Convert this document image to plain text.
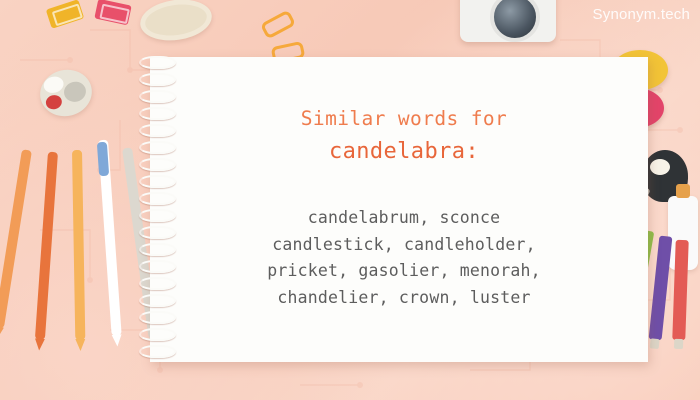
Similar words for
candelabra:
candelabrum, sconce
candlestick, candleholder,
pricket, gasolier, menorah,
chandelier, crown, luster
Synonym.tech
